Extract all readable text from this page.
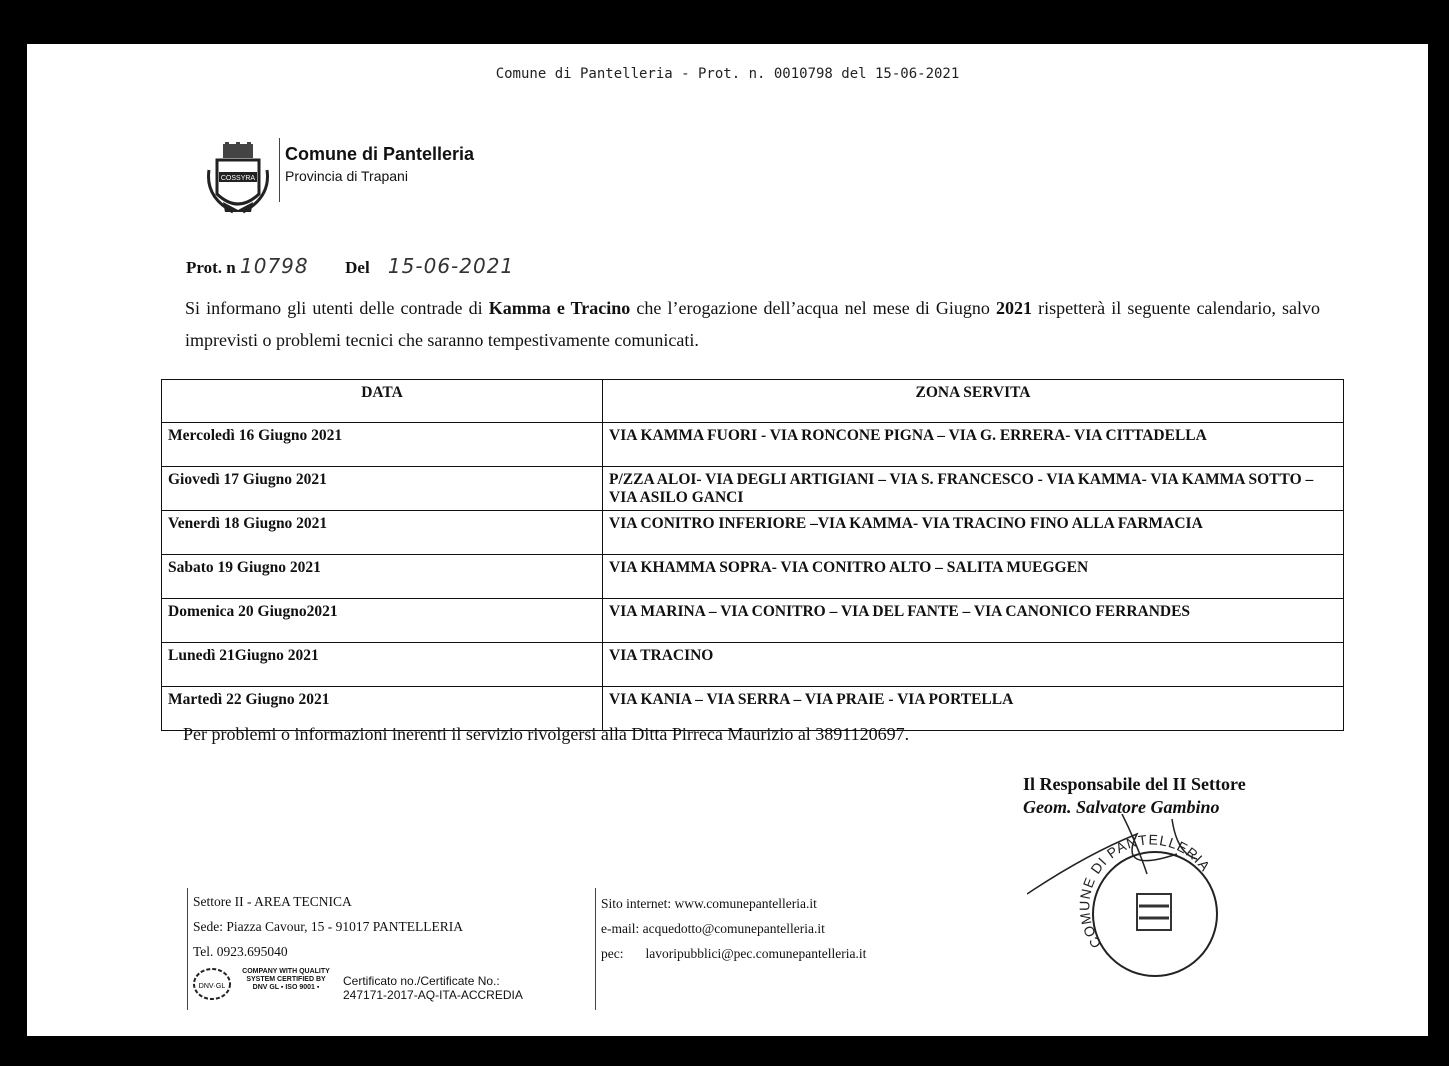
Comune di Pantelleria - Prot. n. 0010798 del 15-06-2021
COSSYRA
Comune di Pantelleria
Provincia di Trapani
Prot. n 10798 Del 15-06-2021
Si informano gli utenti delle contrade di Kamma e Tracino che l’erogazione dell’acqua nel mese di Giugno 2021 rispetterà il seguente calendario, salvo imprevisti o problemi tecnici che saranno tempestivamente comunicati.
DATA	ZONA SERVITA
Mercoledì 16 Giugno 2021	VIA KAMMA FUORI - VIA RONCONE PIGNA – VIA G. ERRERA- VIA CITTADELLA
Giovedì 17 Giugno 2021	P/ZZA ALOI- VIA DEGLI ARTIGIANI – VIA S. FRANCESCO - VIA KAMMA- VIA KAMMA SOTTO – VIA ASILO GANCI
Venerdì 18 Giugno 2021	VIA CONITRO INFERIORE –VIA KAMMA- VIA TRACINO FINO ALLA FARMACIA
Sabato 19 Giugno 2021	VIA KHAMMA SOPRA- VIA CONITRO ALTO – SALITA MUEGGEN
Domenica 20 Giugno2021	VIA MARINA – VIA CONITRO – VIA DEL FANTE – VIA CANONICO FERRANDES
Lunedì 21Giugno 2021	VIA TRACINO
Martedì 22 Giugno 2021	VIA KANIA – VIA SERRA – VIA PRAIE - VIA PORTELLA
Per problemi o informazioni inerenti il servizio rivolgersi alla Ditta Pirreca Maurizio al 3891120697.
Il Responsabile del II Settore
Geom. Salvatore Gambino
COMUNE DI PANTELLERIA
Settore II - AREA TECNICA
Sede: Piazza Cavour, 15 - 91017 PANTELLERIA
Tel. 0923.695040
DNV·GL
COMPANY WITH QUALITY SYSTEM CERTIFIED BY DNV GL ▪ ISO 9001 ▪	Certificato no./Certificate No.:
247171-2017-AQ-ITA-ACCREDIA
Sito internet: www.comunepantelleria.it
e-mail: acquedotto@comunepantelleria.it
pec: lavoripubblici@pec.comunepantelleria.it
